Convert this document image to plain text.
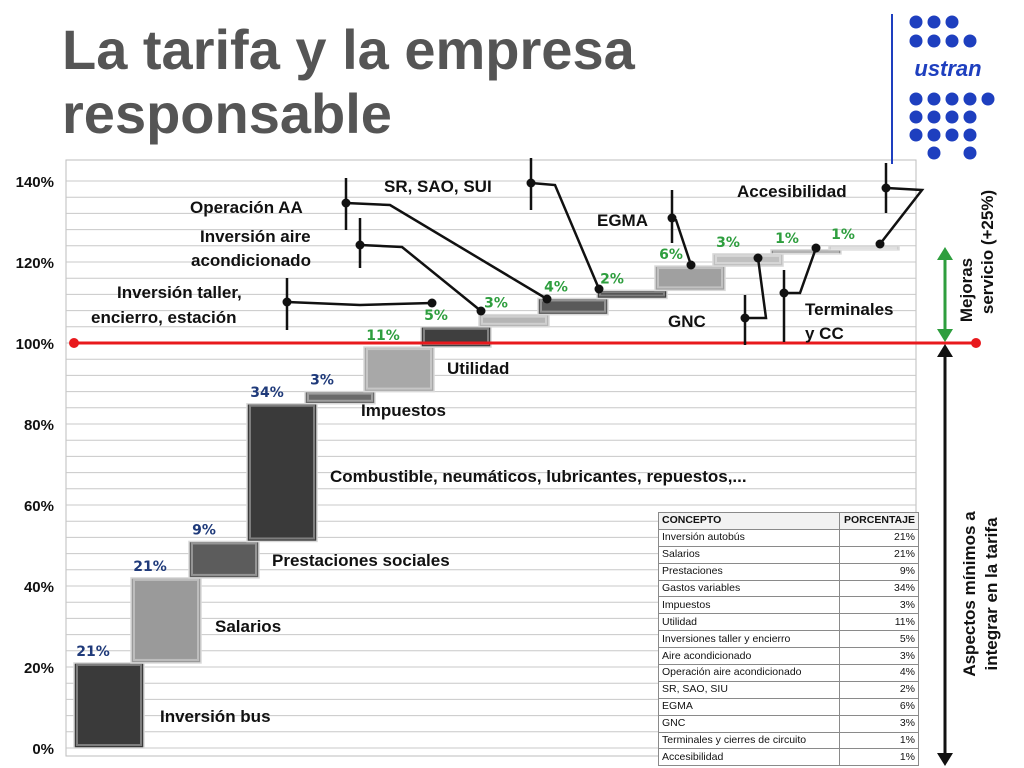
La tarifa y la empresa responsable
0%
20%
40%
60%
80%
100%
120%
140%
21%
21%
9%
34%
3%
11%
5%
3%
4%
2%
6%
3%	1% 1%
Inversión bus
Salarios
Prestaciones sociales
Combustible, neumáticos, lubricantes, repuestos,...
Impuestos
Utilidad
Inversión taller,
encierro, estación
Inversión aire
acondicionado
Operación AA
SR, SAO, SUI
EGMA
GNC
Terminales
y CC
Accesibilidad
Mejoras servicio (+25%)
Aspectos mínimos a integrar en la tarifa
ustran
CONCEPTO	PORCENTAJE
Inversión autobús	21%
Salarios	21%
Prestaciones	9%
Gastos variables	34%
Impuestos	3%
Utilidad	11%
Inversiones taller y encierro	5%
Aire acondicionado	3%
Operación aire acondicionado	4%
SR, SAO, SIU	2%
EGMA	6%
GNC	3%
Terminales y cierres de circuito	1%
Accesibilidad	1%
